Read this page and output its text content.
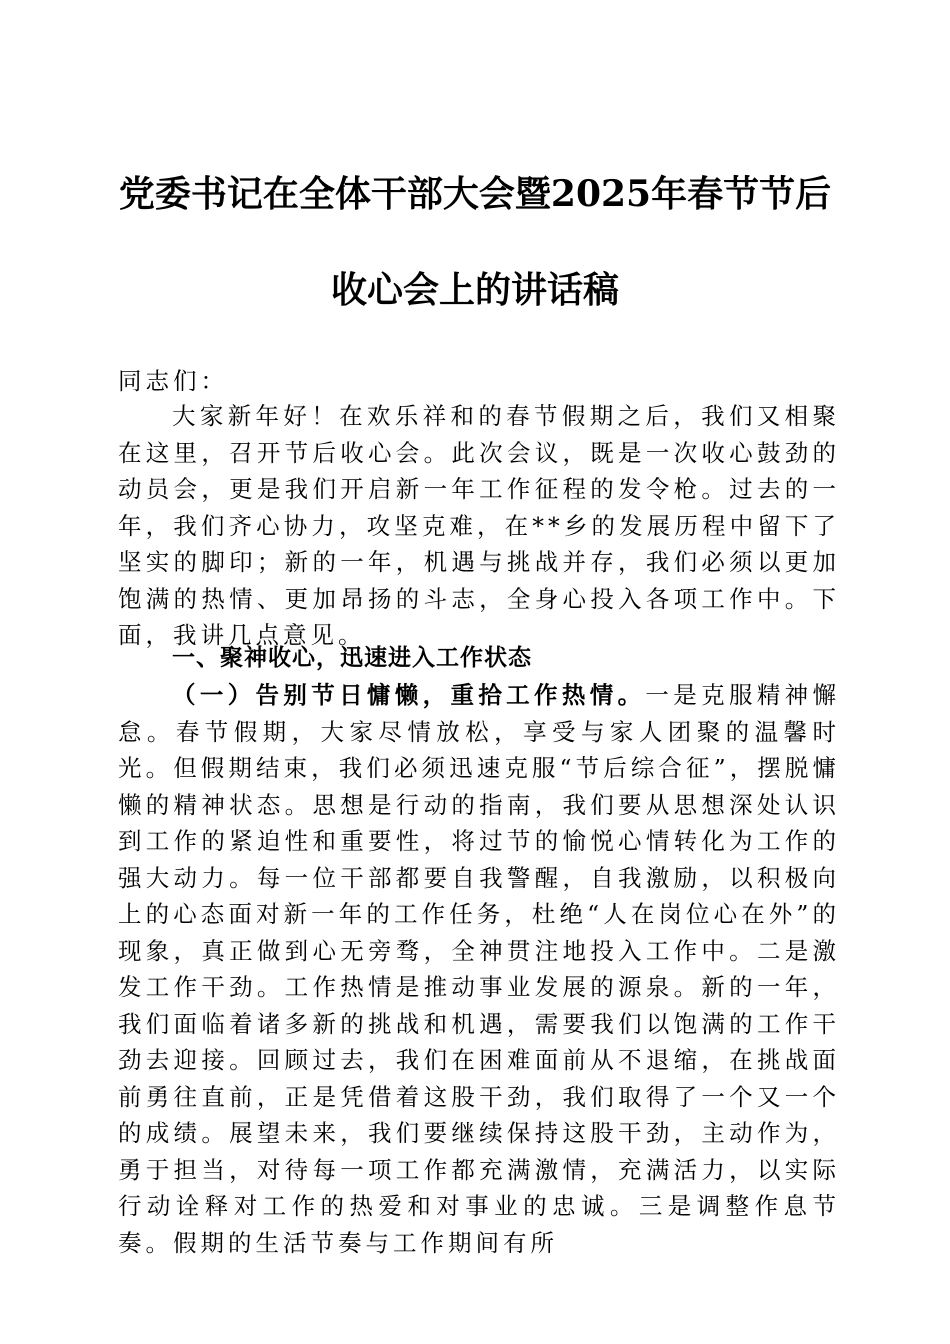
党委书记在全体干部大会暨2025年春节节后
收心会上的讲话稿
同志们：
大家新年好！在欢乐祥和的春节假期之后，我们又相聚在这里，召开节后收心会。此次会议，既是一次收心鼓劲的动员会，更是我们开启新一年工作征程的发令枪。过去的一年，我们齐心协力，攻坚克难，在**乡的发展历程中留下了坚实的脚印；新的一年，机遇与挑战并存，我们必须以更加饱满的热情、更加昂扬的斗志，全身心投入各项工作中。下面，我讲几点意见。
一、聚神收心，迅速进入工作状态
（一）告别节日慵懒，重拾工作热情。一是克服精神懈怠。春节假期，大家尽情放松，享受与家人团聚的温馨时光。但假期结束，我们必须迅速克服“节后综合征”，摆脱慵懒的精神状态。思想是行动的指南，我们要从思想深处认识到工作的紧迫性和重要性，将过节的愉悦心情转化为工作的强大动力。每一位干部都要自我警醒，自我激励，以积极向上的心态面对新一年的工作任务，杜绝“人在岗位心在外”的现象，真正做到心无旁骛，全神贯注地投入工作中。二是激发工作干劲。工作热情是推动事业发展的源泉。新的一年，我们面临着诸多新的挑战和机遇，需要我们以饱满的工作干劲去迎接。回顾过去，我们在困难面前从不退缩，在挑战面前勇往直前，正是凭借着这股干劲，我们取得了一个又一个的成绩。展望未来，我们要继续保持这股干劲，主动作为，勇于担当，对待每一项工作都充满激情，充满活力，以实际行动诠释对工作的热爱和对事业的忠诚。三是调整作息节奏。假期的生活节奏与工作期间有所
